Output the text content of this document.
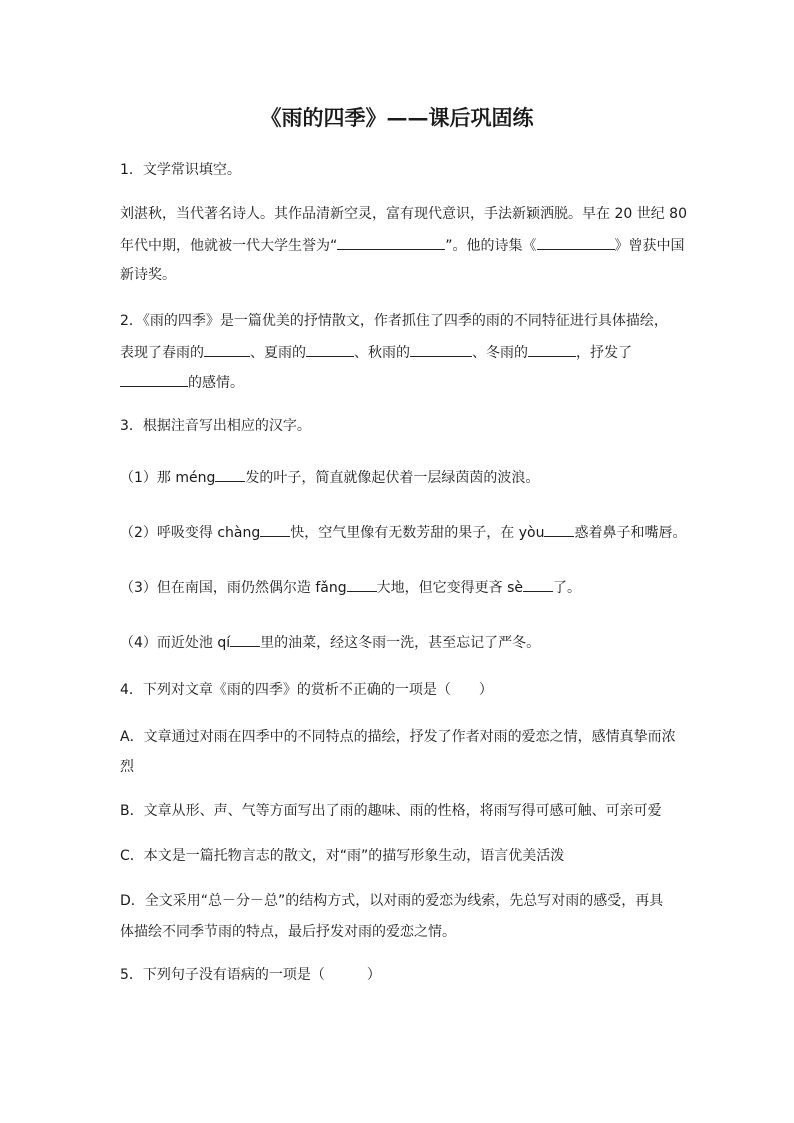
《雨的四季》——课后巩固练
1．文学常识填空。
刘湛秋，当代著名诗人。其作品清新空灵，富有现代意识，手法新颖洒脱。早在 20 世纪 80
年代中期，他就被一代大学生誉为“	”。他的诗集《	》曾获中国
新诗奖。
2．《雨的四季》是一篇优美的抒情散文，作者抓住了四季的雨的不同特征进行具体描绘，
表现了春雨的	、夏雨的	、秋雨的	、冬雨的	，抒发了
的感情。
3．根据注音写出相应的汉字。
（1）那 méng 发的叶子，简直就像起伏着一层绿茵茵的波浪。
（2）呼吸变得 chàng 快，空气里像有无数芳甜的果子，在 yòu 惑着鼻子和嘴唇。
（3）但在南国，雨仍然偶尔造 fǎng 大地，但它变得更吝 sè 了。
（4）而近处池 qí 里的油菜，经这冬雨一洗，甚至忘记了严冬。
4．下列对文章《雨的四季》的赏析不正确的一项是（　　）
A．文章通过对雨在四季中的不同特点的描绘，抒发了作者对雨的爱恋之情，感情真挚而浓
烈
B．文章从形、声、气等方面写出了雨的趣味、雨的性格，将雨写得可感可触、可亲可爱
C．本文是一篇托物言志的散文，对“雨”的描写形象生动，语言优美活泼
D．全文采用“总－分－总”的结构方式，以对雨的爱恋为线索，先总写对雨的感受，再具
体描绘不同季节雨的特点，最后抒发对雨的爱恋之情。
5．下列句子没有语病的一项是（　　　）
